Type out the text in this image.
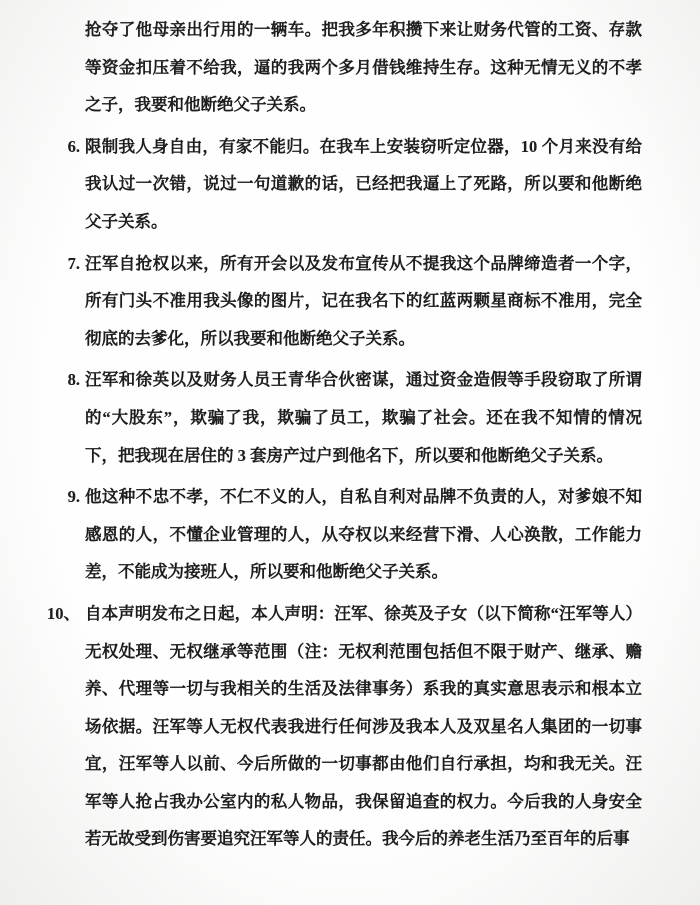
抢夺了他母亲出行用的一辆车。把我多年积攒下来让财务代管的工资、存款等资金扣压着不给我，逼的我两个多月借钱维持生存。这种无情无义的不孝之子，我要和他断绝父子关系。

6. 限制我人身自由，有家不能归。在我车上安装窃听定位器，10 个月来没有给我认过一次错，说过一句道歉的话，已经把我逼上了死路，所以要和他断绝父子关系。

7. 汪军自抢权以来，所有开会以及发布宣传从不提我这个品牌缔造者一个字，所有门头不准用我头像的图片，记在我名下的红蓝两颗星商标不准用，完全彻底的去爹化，所以我要和他断绝父子关系。

8. 汪军和徐英以及财务人员王青华合伙密谋，通过资金造假等手段窃取了所谓的“大股东”，欺骗了我，欺骗了员工，欺骗了社会。还在我不知情的情况下，把我现在居住的 3 套房产过户到他名下，所以要和他断绝父子关系。

9. 他这种不忠不孝，不仁不义的人，自私自利对品牌不负责的人，对爹娘不知感恩的人，不懂企业管理的人，从夺权以来经营下滑、人心涣散，工作能力差，不能成为接班人，所以要和他断绝父子关系。

10、 自本声明发布之日起，本人声明：汪军、徐英及子女（以下简称“汪军等人）无权处理、无权继承等范围（注：无权利范围包括但不限于财产、继承、赡养、代理等一切与我相关的生活及法律事务）系我的真实意思表示和根本立场依据。汪军等人无权代表我进行任何涉及我本人及双星名人集团的一切事宜，汪军等人以前、今后所做的一切事都由他们自行承担，均和我无关。汪军等人抢占我办公室内的私人物品，我保留追查的权力。今后我的人身安全若无故受到伤害要追究汪军等人的责任。我今后的养老生活乃至百年的后事
